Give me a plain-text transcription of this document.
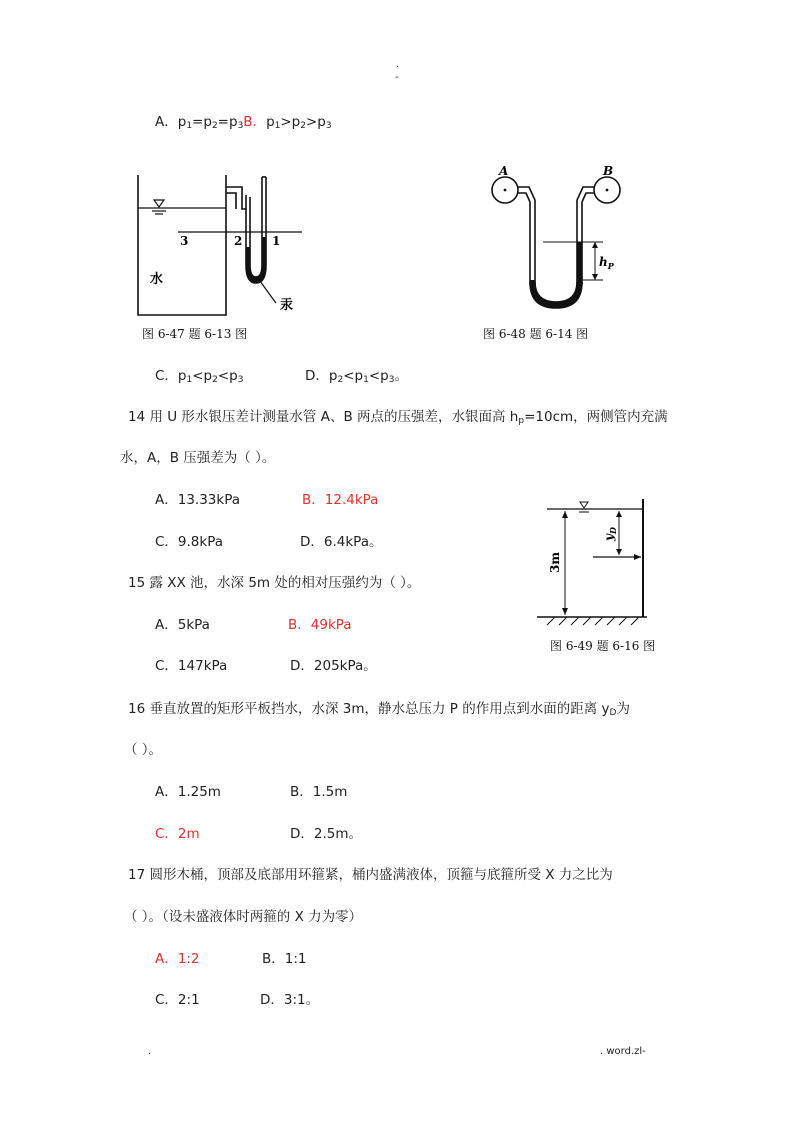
·
-
A．$p_1=p_2=p_3B$．$p_1>p_2>p_3$
3	2 1
水
汞
图 6-47 题 6-13 图
A	B
$h_P$
图 6-48 题 6-14 图
C．$p_1<p_2<p_3$	D．$p_2<p_1<p_3$。
14 用 U 形水银压差计测量水管 A、B 两点的压强差，水银面高 $h_p=10cm$，两侧管内充满
水，A，B 压强差为（ ）。
A．13.33kPa	B．12.4kPa
C．9.8kPa	D．6.4kPa。
3m
$y_D$
图 6-49 题 6-16 图
15 露 XX 池，水深 5m 处的相对压强约为（ ）。
A．5kPa	B．49kPa
C．147kPa	D．205kPa。
16 垂直放置的矩形平板挡水，水深 3m，静水总压力 P 的作用点到水面的距离 $y_D$为
（ ）。
A．1.25m	B．1.5m
C．2m	D．2.5m。
17 圆形木桶，顶部及底部用环箍紧，桶内盛满液体，顶箍与底箍所受 X 力之比为
（ ）。（设未盛液体时两箍的 X 力为零）
A．1:2	B．1:1
C．2:1	D．3:1。
.	. word.zl-
